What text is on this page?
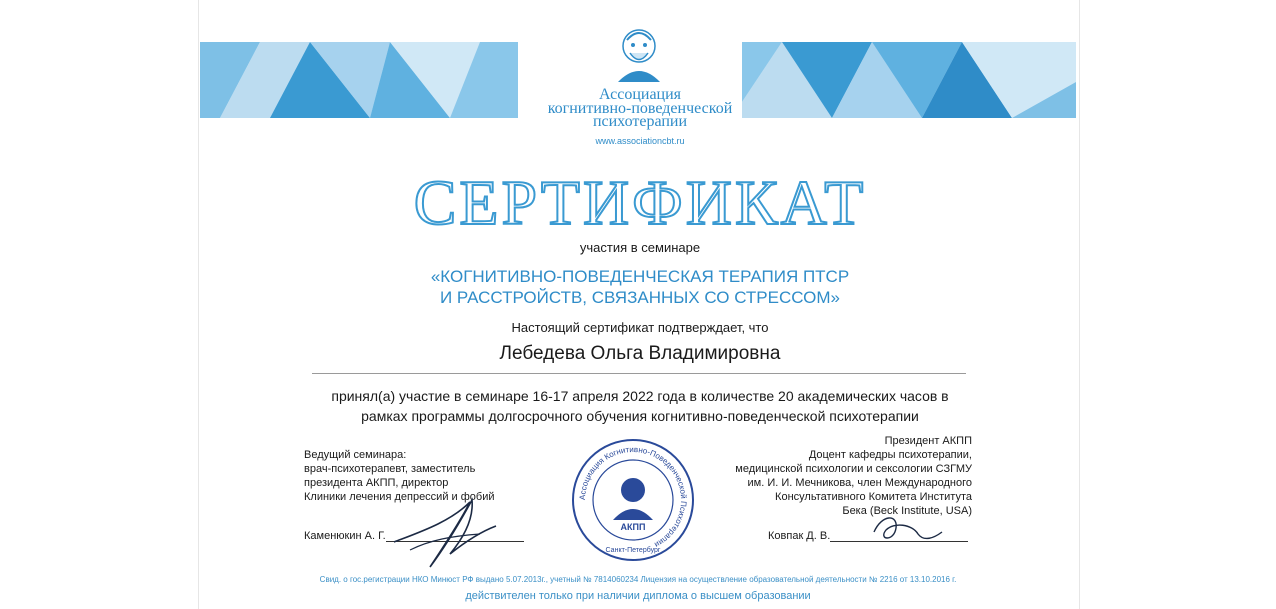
Ассоциация
когнитивно-поведенческой
психотерапии
www.associationcbt.ru
СЕРТИФИКАТ
участия в семинаре
«КОГНИТИВНО-ПОВЕДЕНЧЕСКАЯ ТЕРАПИЯ ПТСР
И РАССТРОЙСТВ, СВЯЗАННЫХ СО СТРЕССОМ»
Настоящий сертификат подтверждает, что
Лебедева Ольга Владимировна
принял(а) участие в семинаре 16-17 апреля 2022 года в количестве 20 академических часов в
рамках программы долгосрочного обучения когнитивно-поведенческой психотерапии
Ведущий семинара:
врач-психотерапевт, заместитель
президента АКПП, директор
Клиники лечения депрессий и фобий
Президент АКПП
Доцент кафедры психотерапии,
медицинской психологии и сексологии СЗГМУ
им. И. И. Мечникова, член Международного
Консультативного Комитета Института
Бека (Beck Institute, USA)
Каменюкин А. Г.	Ковпак Д. В.
Ассоциация Когнитивно-Поведенческой Психотерапии
АКПП
Санкт-Петербург
Свид. о гос.регистрации НКО Минюст РФ выдано 5.07.2013г., учетный № 7814060234 Лицензия на осуществление образовательной деятельности № 2216 от 13.10.2016 г.
действителен только при наличии диплома о высшем образовании
